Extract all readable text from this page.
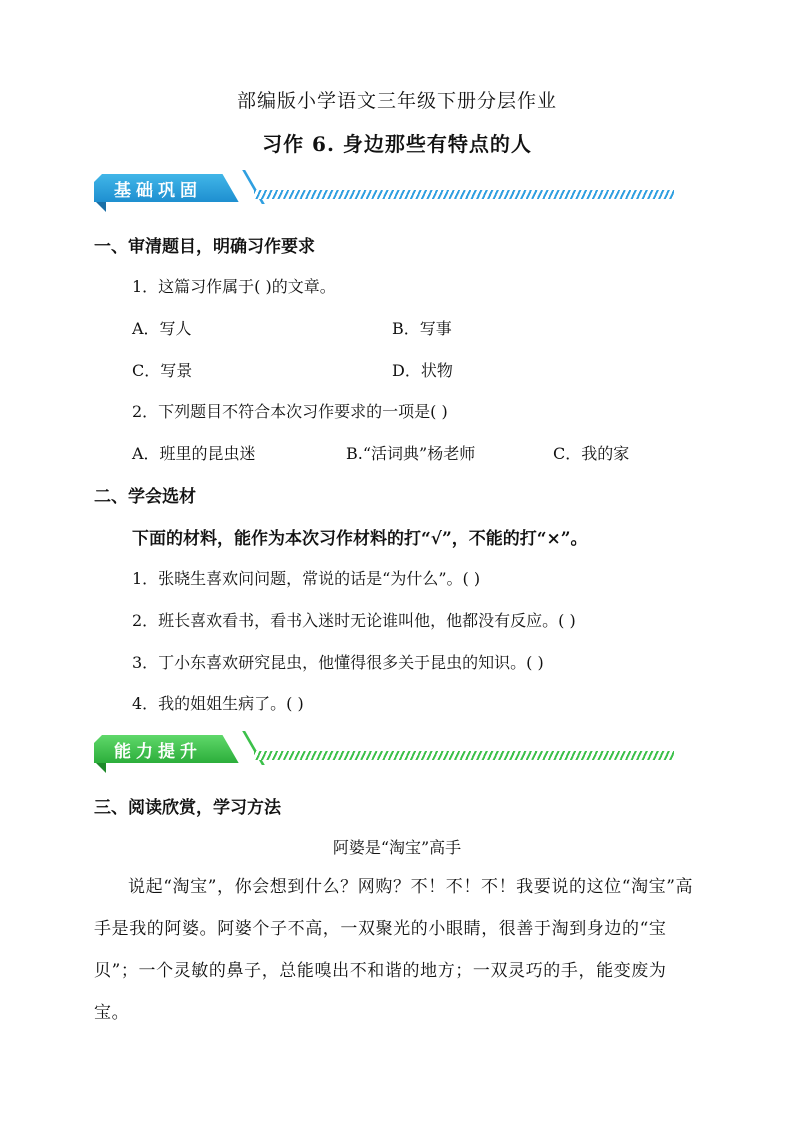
部编版小学语文三年级下册分层作业
习作 6. 身边那些有特点的人
基础巩固
一、审清题目，明确习作要求
1．这篇习作属于( )的文章。
A．写人	B．写事
C．写景	D．状物
2．下列题目不符合本次习作要求的一项是( )
A．班里的昆虫迷	B.“活词典”杨老师	C．我的家
二、学会选材
下面的材料，能作为本次习作材料的打“√”，不能的打“×”。
1．张晓生喜欢问问题，常说的话是“为什么”。( )
2．班长喜欢看书，看书入迷时无论谁叫他，他都没有反应。( )
3．丁小东喜欢研究昆虫，他懂得很多关于昆虫的知识。( )
4．我的姐姐生病了。( )
能力提升
三、阅读欣赏，学习方法
阿婆是“淘宝”高手
说起“淘宝”，你会想到什么？网购？不！不！不！我要说的这位“淘宝”高手是我的阿婆。阿婆个子不高，一双聚光的小眼睛，很善于淘到身边的“宝贝”；一个灵敏的鼻子，总能嗅出不和谐的地方；一双灵巧的手，能变废为宝。
